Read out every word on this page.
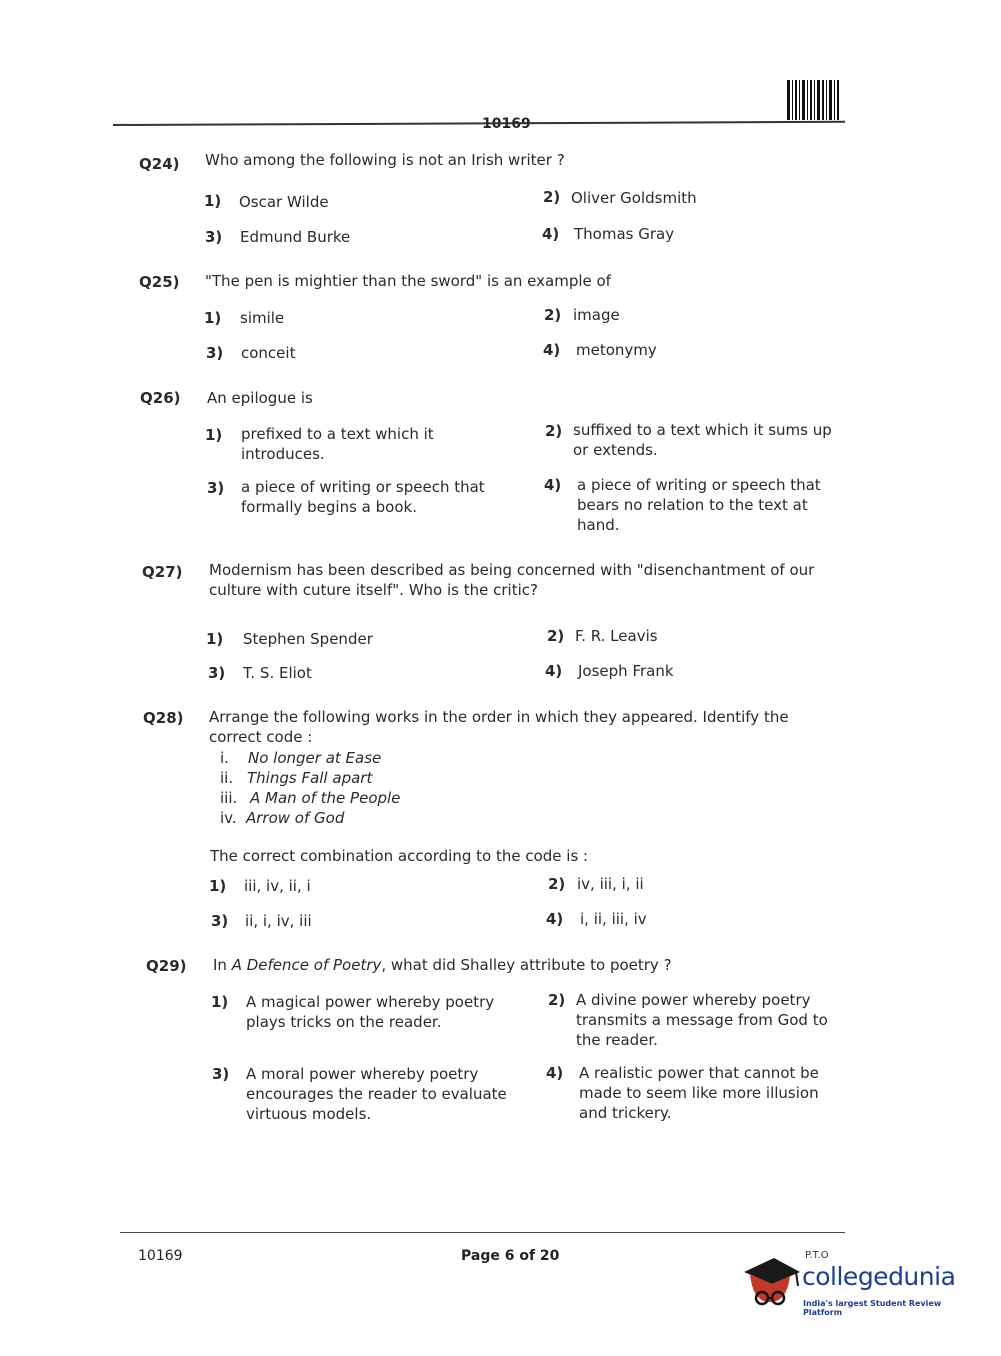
Q24) Who among the following is not an Irish writer ?
1) Oscar Wilde	2) Oliver Goldsmith
3) Edmund Burke	4) Thomas Gray
Q25) "The pen is mightier than the sword" is an example of
1) simile	2) image
3) conceit	4) metonymy
Q26) An epilogue is
1) prefixed to a text which it introduces.
2) suffixed to a text which it sums up or extends.
3) a piece of writing or speech that formally begins a book.
4) a piece of writing or speech that bears no relation to the text at hand.
Q27) Modernism has been described as being concerned with "disenchantment of our culture with cuture itself". Who is the critic?
1) Stephen Spender	2) F. R. Leavis
3) T. S. Eliot	4) Joseph Frank
Q28) Arrange the following works in the order in which they appeared. Identify the correct code :
i. No longer at Ease
ii. Things Fall apart
iii. A Man of the People
iv. Arrow of God
The correct combination according to the code is :
1) iii, iv, ii, i	2) iv, iii, i, ii
3) ii, i, iv, iii	4) i, ii, iii, iv
Q29) In A Defence of Poetry, what did Shalley attribute to poetry ?
1) A magical power whereby poetry plays tricks on the reader.
2) A divine power whereby poetry transmits a message from God to the reader.
3) A moral power whereby poetry encourages the reader to evaluate virtuous models.
4) A realistic power that cannot be made to seem like more illusion and trickery.
10169	Page 6 of 20	P.T.O
collegedunia
India's largest Student Review Platform
